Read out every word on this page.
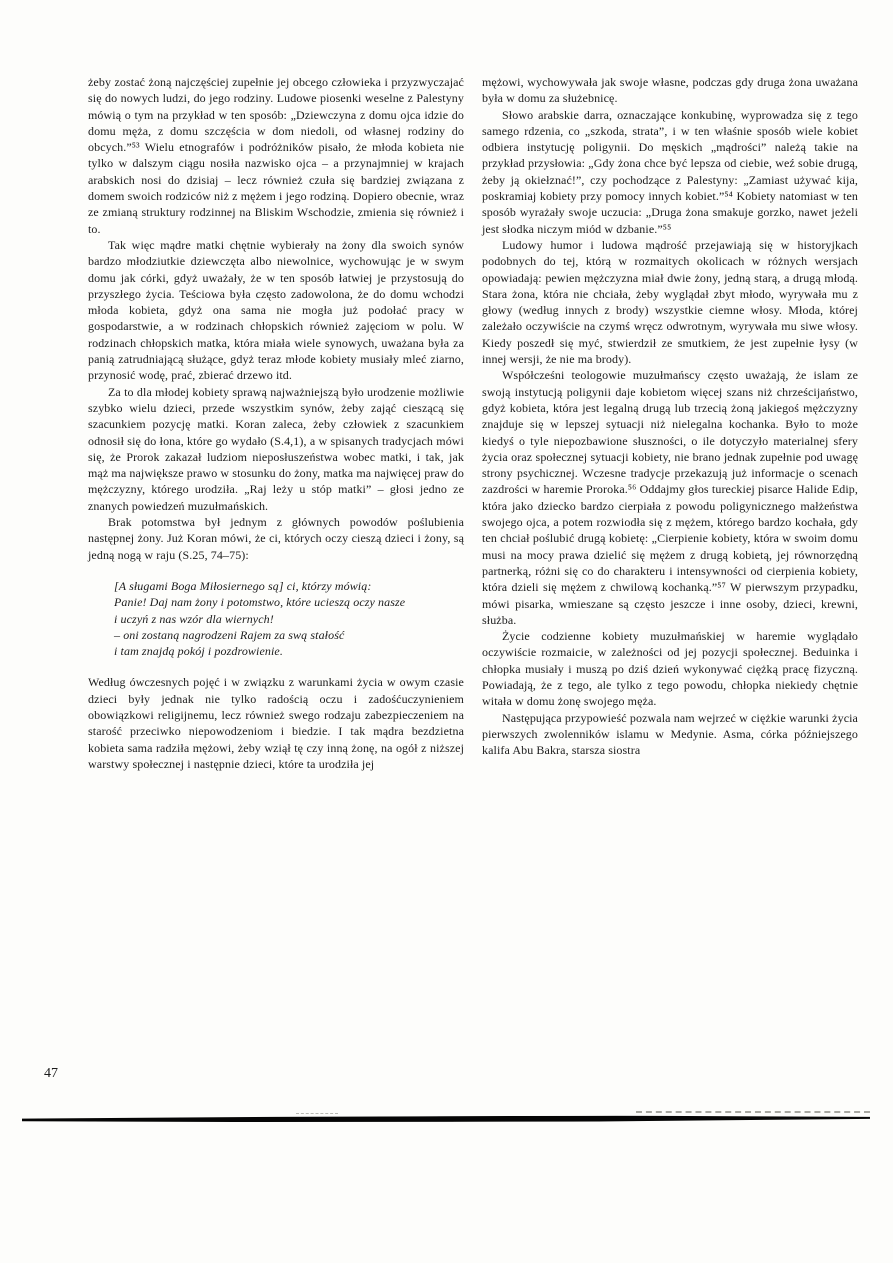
żeby zostać żoną najczęściej zupełnie jej obcego człowieka i przyzwyczajać się do nowych ludzi, do jego rodziny. Ludowe piosenki weselne z Palestyny mówią o tym na przykład w ten sposób: „Dziewczyna z domu ojca idzie do domu męża, z domu szczęścia w dom niedoli, od własnej rodziny do obcych.”⁵³ Wielu etnografów i podróżników pisało, że młoda kobieta nie tylko w dalszym ciągu nosiła nazwisko ojca – a przynajmniej w krajach arabskich nosi do dzisiaj – lecz również czuła się bardziej związana z domem swoich rodziców niż z mężem i jego rodziną. Dopiero obecnie, wraz ze zmianą struktury rodzinnej na Bliskim Wschodzie, zmienia się również i to.

Tak więc mądre matki chętnie wybierały na żony dla swoich synów bardzo młodziutkie dziewczęta albo niewolnice, wychowując je w swym domu jak córki, gdyż uważały, że w ten sposób łatwiej je przystosują do przyszłego życia. Teściowa była często zadowolona, że do domu wchodzi młoda kobieta, gdyż ona sama nie mogła już podołać pracy w gospodarstwie, a w rodzinach chłopskich również zajęciom w polu. W rodzinach chłopskich matka, która miała wiele synowych, uważana była za panią zatrudniającą służące, gdyż teraz młode kobiety musiały mleć ziarno, przynosić wodę, prać, zbierać drzewo itd.

Za to dla młodej kobiety sprawą najważniejszą było urodzenie możliwie szybko wielu dzieci, przede wszystkim synów, żeby zająć cieszącą się szacunkiem pozycję matki. Koran zaleca, żeby człowiek z szacunkiem odnosił się do łona, które go wydało (S.4,1), a w spisanych tradycjach mówi się, że Prorok zakazał ludziom nieposłuszeństwa wobec matki, i tak, jak mąż ma największe prawo w stosunku do żony, matka ma najwięcej praw do mężczyzny, którego urodziła. „Raj leży u stóp matki” – głosi jedno ze znanych powiedzeń muzułmańskich.

Brak potomstwa był jednym z głównych powodów poślubienia następnej żony. Już Koran mówi, że ci, których oczy cieszą dzieci i żony, są jedną nogą w raju (S.25, 74–75):

[A sługami Boga Miłosiernego są] ci, którzy mówią:
Panie! Daj nam żony i potomstwo, które ucieszą oczy nasze
i uczyń z nas wzór dla wiernych!
– oni zostaną nagrodzeni Rajem za swą stałość
i tam znajdą pokój i pozdrowienie.

Według ówczesnych pojęć i w związku z warunkami życia w owym czasie dzieci były jednak nie tylko radością oczu i zadośćuczynieniem obowiązkowi religijnemu, lecz również swego rodzaju zabezpieczeniem na starość przeciwko niepowodzeniom i biedzie. I tak mądra bezdzietna kobieta sama radziła mężowi, żeby wziął tę czy inną żonę, na ogół z niższej warstwy społecznej i następnie dzieci, które ta urodziła jej

mężowi, wychowywała jak swoje własne, podczas gdy druga żona uważana była w domu za służebnicę.

Słowo arabskie darra, oznaczające konkubinę, wyprowadza się z tego samego rdzenia, co „szkoda, strata”, i w ten właśnie sposób wiele kobiet odbiera instytucję poligynii. Do męskich „mądrości” należą takie na przykład przysłowia: „Gdy żona chce być lepsza od ciebie, weź sobie drugą, żeby ją okiełznać!”, czy pochodzące z Palestyny: „Zamiast używać kija, poskramiaj kobiety przy pomocy innych kobiet.”⁵⁴ Kobiety natomiast w ten sposób wyrażały swoje uczucia: „Druga żona smakuje gorzko, nawet jeżeli jest słodka niczym miód w dzbanie.”⁵⁵

Ludowy humor i ludowa mądrość przejawiają się w historyjkach podobnych do tej, którą w rozmaitych okolicach w różnych wersjach opowiadają: pewien mężczyzna miał dwie żony, jedną starą, a drugą młodą. Stara żona, która nie chciała, żeby wyglądał zbyt młodo, wyrywała mu z głowy (według innych z brody) wszystkie ciemne włosy. Młoda, której zależało oczywiście na czymś wręcz odwrotnym, wyrywała mu siwe włosy. Kiedy poszedł się myć, stwierdził ze smutkiem, że jest zupełnie łysy (w innej wersji, że nie ma brody).

Współcześni teologowie muzułmańscy często uważają, że islam ze swoją instytucją poligynii daje kobietom więcej szans niż chrześcijaństwo, gdyż kobieta, która jest legalną drugą lub trzecią żoną jakiegoś mężczyzny znajduje się w lepszej sytuacji niż nielegalna kochanka. Było to może kiedyś o tyle niepozbawione słuszności, o ile dotyczyło materialnej sfery życia oraz społecznej sytuacji kobiety, nie brano jednak zupełnie pod uwagę strony psychicznej. Wczesne tradycje przekazują już informacje o scenach zazdrości w haremie Proroka.⁵⁶ Oddajmy głos tureckiej pisarce Halide Edip, która jako dziecko bardzo cierpiała z powodu poligynicznego małżeństwa swojego ojca, a potem rozwiodła się z mężem, którego bardzo kochała, gdy ten chciał poślubić drugą kobietę: „Cierpienie kobiety, która w swoim domu musi na mocy prawa dzielić się mężem z drugą kobietą, jej równorzędną partnerką, różni się co do charakteru i intensywności od cierpienia kobiety, która dzieli się mężem z chwilową kochanką.”⁵⁷ W pierwszym przypadku, mówi pisarka, wmieszane są często jeszcze i inne osoby, dzieci, krewni, służba.

Życie codzienne kobiety muzułmańskiej w haremie wyglądało oczywiście rozmaicie, w zależności od jej pozycji społecznej. Beduinka i chłopka musiały i muszą po dziś dzień wykonywać ciężką pracę fizyczną. Powiadają, że z tego, ale tylko z tego powodu, chłopka niekiedy chętnie witała w domu żonę swojego męża.

Następująca przypowieść pozwala nam wejrzeć w ciężkie warunki życia pierwszych zwolenników islamu w Medynie. Asma, córka późniejszego kalifa Abu Bakra, starsza siostra

47
